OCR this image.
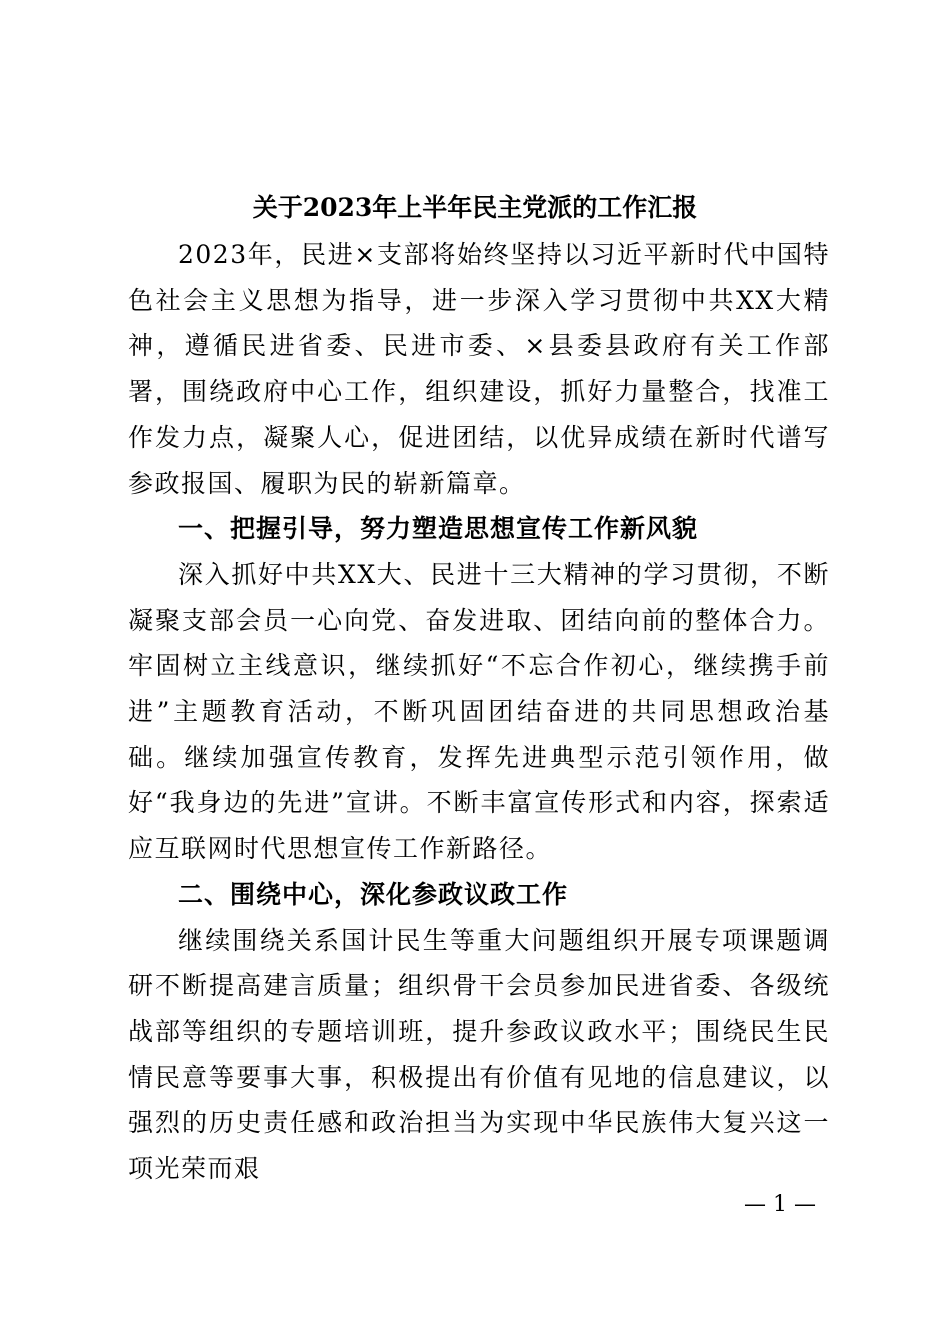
关于2023年上半年民主党派的工作汇报

2023年，民进×支部将始终坚持以习近平新时代中国特色社会主义思想为指导，进一步深入学习贯彻中共XX大精神，遵循民进省委、民进市委、×县委县政府有关工作部署，围绕政府中心工作，组织建设，抓好力量整合，找准工作发力点，凝聚人心，促进团结，以优异成绩在新时代谱写参政报国、履职为民的崭新篇章。

一、把握引导，努力塑造思想宣传工作新风貌

深入抓好中共XX大、民进十三大精神的学习贯彻，不断凝聚支部会员一心向党、奋发进取、团结向前的整体合力。牢固树立主线意识，继续抓好“不忘合作初心，继续携手前进”主题教育活动，不断巩固团结奋进的共同思想政治基础。继续加强宣传教育，发挥先进典型示范引领作用，做好“我身边的先进”宣讲。不断丰富宣传形式和内容，探索适应互联网时代思想宣传工作新路径。

二、围绕中心，深化参政议政工作

继续围绕关系国计民生等重大问题组织开展专项课题调研不断提高建言质量；组织骨干会员参加民进省委、各级统战部等组织的专题培训班，提升参政议政水平；围绕民生民情民意等要事大事，积极提出有价值有见地的信息建议，以强烈的历史责任感和政治担当为实现中华民族伟大复兴这一项光荣而艰

— 1 —
